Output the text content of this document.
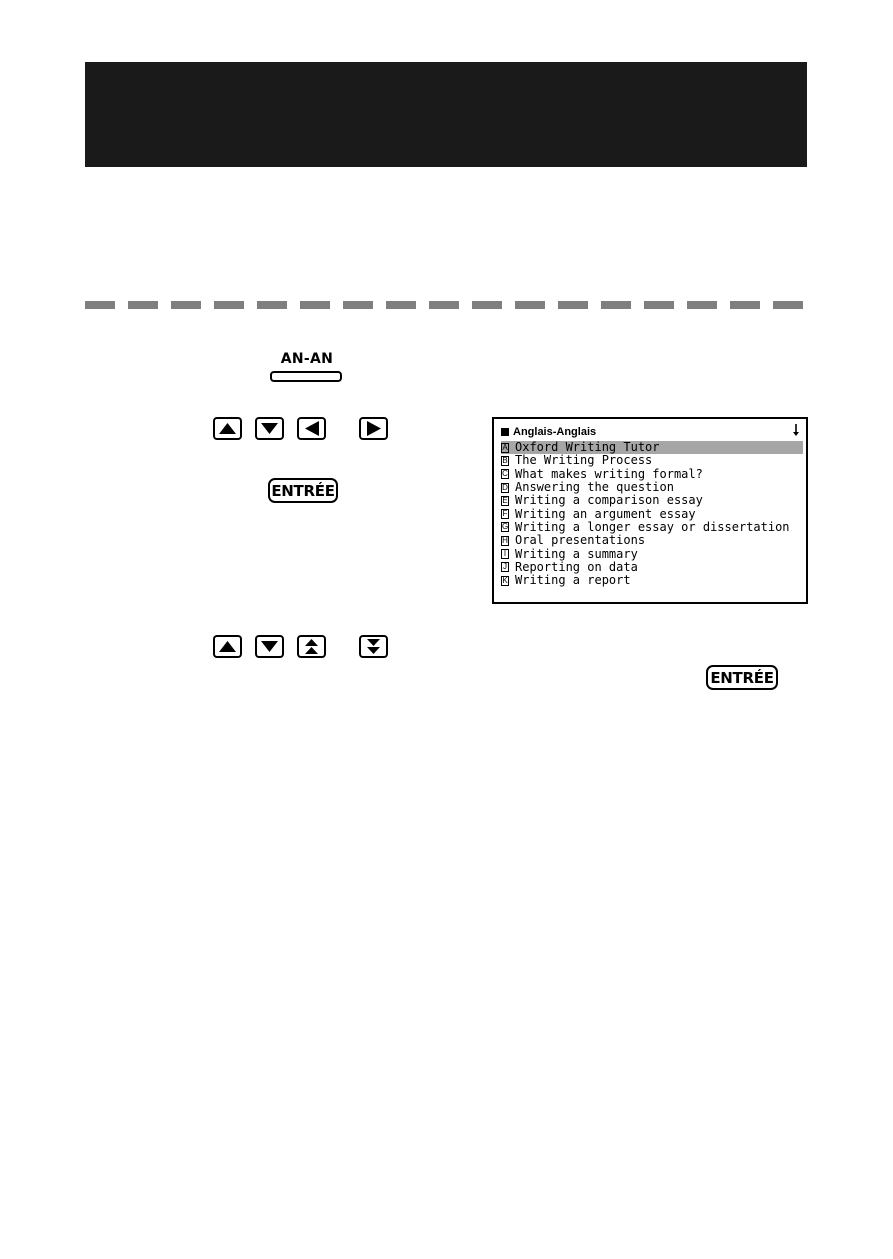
AN-AN
ENTRÉE
ENTRÉE
Anglais-Anglais
A Oxford Writing Tutor
B The Writing Process
C What makes writing formal?
D Answering the question
E Writing a comparison essay
F Writing an argument essay
G Writing a longer essay or dissertation
H Oral presentations
I Writing a summary
J Reporting on data
K Writing a report
